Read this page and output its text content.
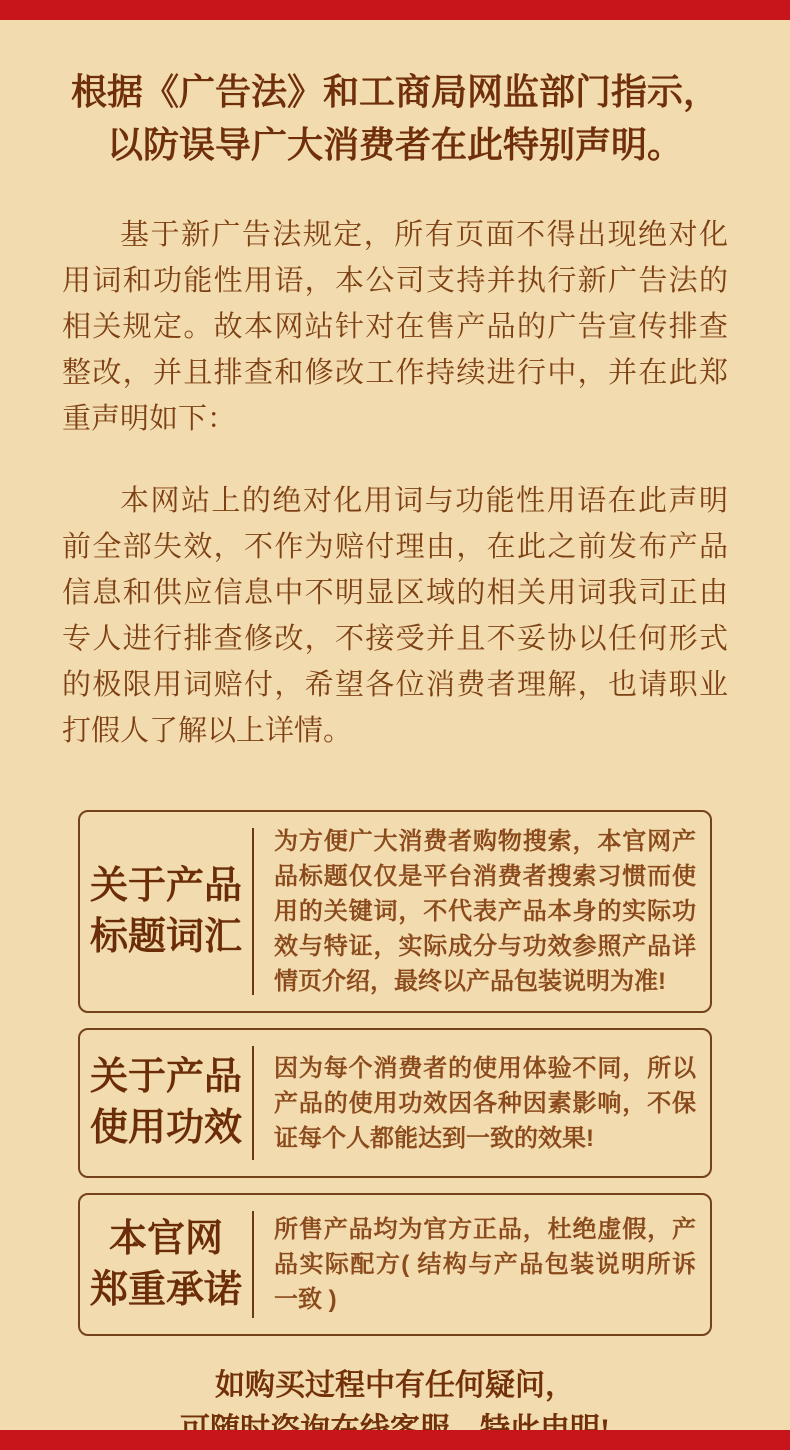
根据《广告法》和工商局网监部门指示，
以防误导广大消费者在此特别声明。

基于新广告法规定，所有页面不得出现绝对化用词和功能性用语，本公司支持并执行新广告法的相关规定。故本网站针对在售产品的广告宣传排查整改，并且排查和修改工作持续进行中，并在此郑重声明如下：

本网站上的绝对化用词与功能性用语在此声明前全部失效，不作为赔付理由，在此之前发布产品信息和供应信息中不明显区域的相关用词我司正由专人进行排查修改，不接受并且不妥协以任何形式的极限用词赔付，希望各位消费者理解，也请职业打假人了解以上详情。

关于产品
标题词汇

为方便广大消费者购物搜索，本官网产品标题仅仅是平台消费者搜索习惯而使用的关键词，不代表产品本身的实际功效与特证，实际成分与功效参照产品详情页介绍，最终以产品包装说明为准!

关于产品
使用功效

因为每个消费者的使用体验不同，所以产品的使用功效因各种因素影响，不保证每个人都能达到一致的效果!

本官网
郑重承诺

所售产品均为官方正品，杜绝虚假，产品实际配方( 结构与产品包装说明所诉一致 )

如购买过程中有任何疑问，
